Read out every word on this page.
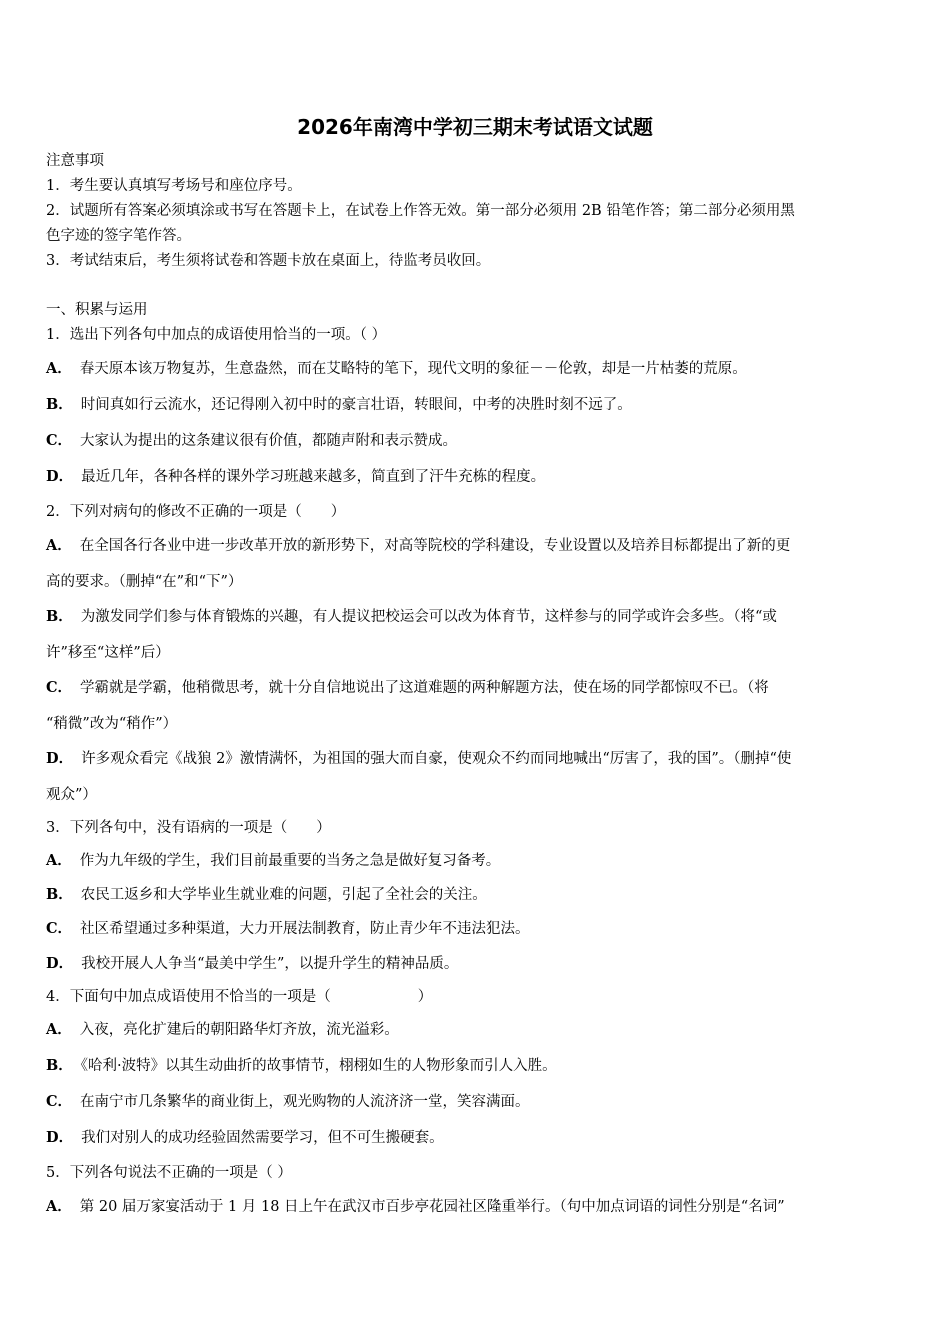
2026年南湾中学初三期末考试语文试题
注意事项
1．考生要认真填写考场号和座位序号。
2．试题所有答案必须填涂或书写在答题卡上，在试卷上作答无效。第一部分必须用 2B 铅笔作答；第二部分必须用黑
色字迹的签字笔作答。
3．考试结束后，考生须将试卷和答题卡放在桌面上，待监考员收回。
一、积累与运用
1．选出下列各句中加点的成语使用恰当的一项。（ ）
A． 春天原本该万物复苏，生意盎然，而在艾略特的笔下，现代文明的象征－－伦敦，却是一片枯萎的荒原。
B． 时间真如行云流水，还记得刚入初中时的豪言壮语，转眼间，中考的决胜时刻不远了。
C． 大家认为提出的这条建议很有价值，都随声附和表示赞成。
D． 最近几年，各种各样的课外学习班越来越多，简直到了汗牛充栋的程度。
2．下列对病句的修改不正确的一项是（　　）
A． 在全国各行各业中进一步改革开放的新形势下，对高等院校的学科建设，专业设置以及培养目标都提出了新的更
高的要求。（删掉“在”和“下”）
B． 为激发同学们参与体育锻炼的兴趣，有人提议把校运会可以改为体育节，这样参与的同学或许会多些。（将“或
许”移至“这样”后）
C． 学霸就是学霸，他稍微思考，就十分自信地说出了这道难题的两种解题方法，使在场的同学都惊叹不已。（将
“稍微”改为“稍作”）
D． 许多观众看完《战狼 2》激情满怀，为祖国的强大而自豪，使观众不约而同地喊出“厉害了，我的国”。（删掉“使
观众”）
3．下列各句中，没有语病的一项是（　　）
A． 作为九年级的学生，我们目前最重要的当务之急是做好复习备考。
B． 农民工返乡和大学毕业生就业难的问题，引起了全社会的关注。
C． 社区希望通过多种渠道，大力开展法制教育，防止青少年不违法犯法。
D． 我校开展人人争当“最美中学生”，以提升学生的精神品质。
4．下面句中加点成语使用不恰当的一项是（　　　　　　）
A． 入夜，亮化扩建后的朝阳路华灯齐放，流光溢彩。
B． 《哈利·波特》以其生动曲折的故事情节，栩栩如生的人物形象而引人入胜。
C． 在南宁市几条繁华的商业街上，观光购物的人流济济一堂，笑容满面。
D． 我们对别人的成功经验固然需要学习，但不可生搬硬套。
5．下列各句说法不正确的一项是（ ）
A． 第 20 届万家宴活动于 1 月 18 日上午在武汉市百步亭花园社区隆重举行。（句中加点词语的词性分别是“名词”
